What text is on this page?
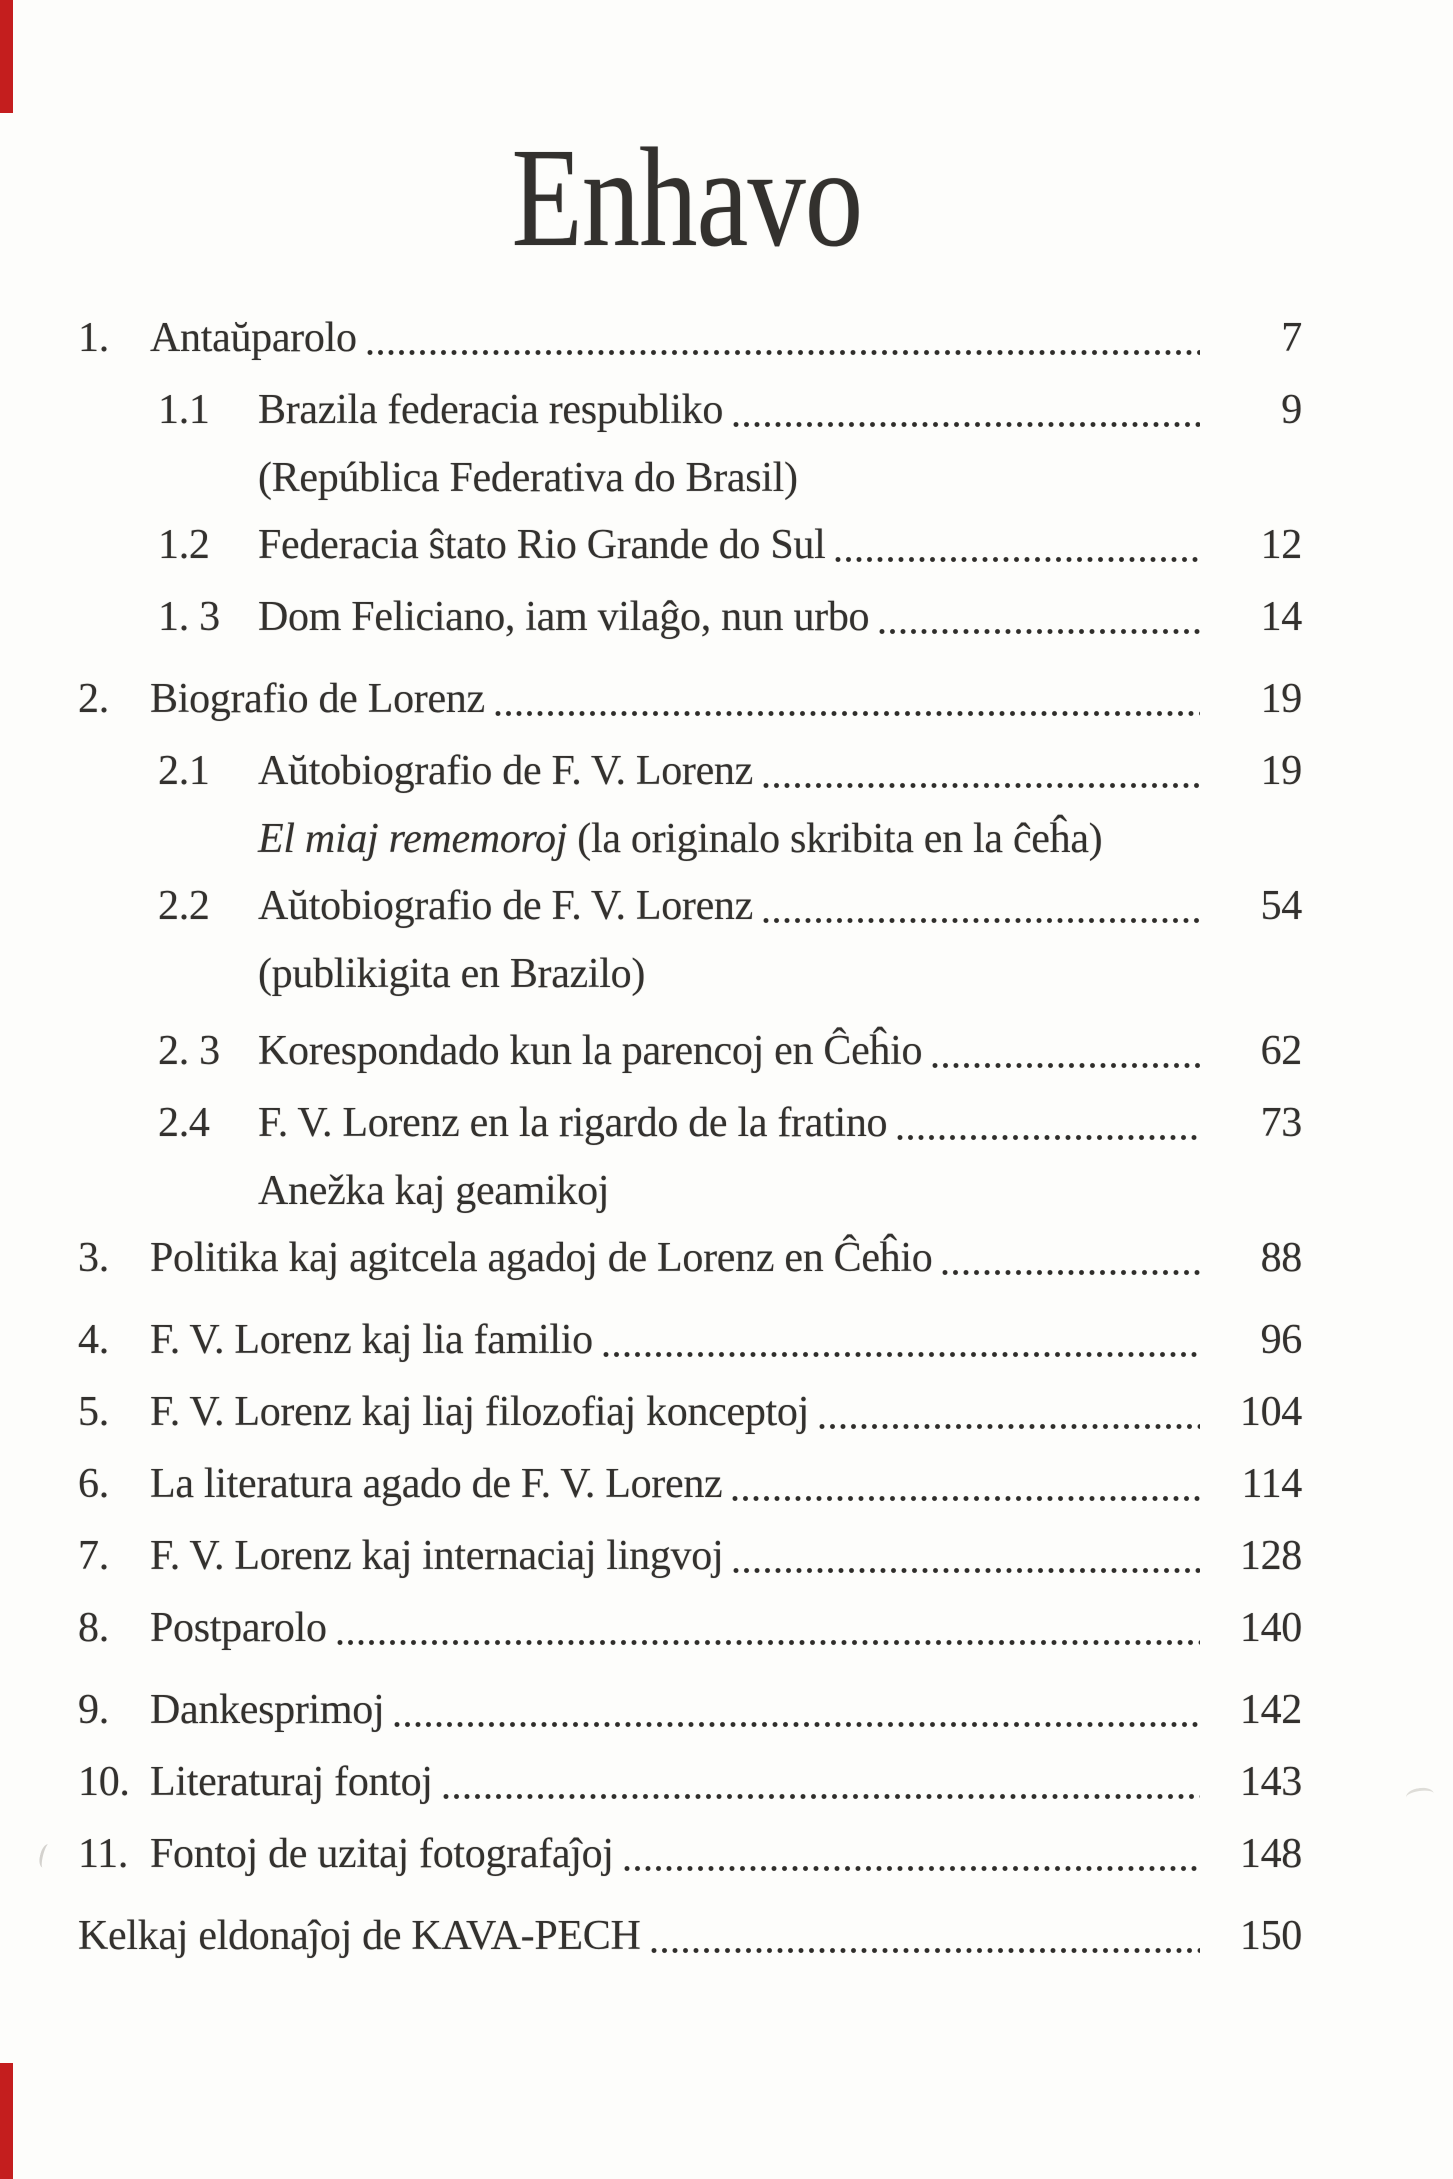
Enhavo
1. Antaŭparolo	7
1.1	Brazila federacia respubliko	9
(República Federativa do Brasil)
1.2	Federacia ŝtato Rio Grande do Sul	12
1. 3 Dom Feliciano, iam vilaĝo, nun urbo	14
2. Biografio de Lorenz	19
2.1	Aŭtobiografio de F. V. Lorenz	19
El miaj rememoroj (la originalo skribita en la ĉeĥa)
2.2	Aŭtobiografio de F. V. Lorenz	54
(publikigita en Brazilo)
2. 3 Korespondado kun la parencoj en Ĉeĥio	62
2.4	F. V. Lorenz en la rigardo de la fratino	73
Anežka kaj geamikoj
3. Politika kaj agitcela agadoj de Lorenz en Ĉeĥio	88
4. F. V. Lorenz kaj lia familio	96
5. F. V. Lorenz kaj liaj filozofiaj konceptoj	104
6. La literatura agado de F. V. Lorenz	114
7. F. V. Lorenz kaj internaciaj lingvoj	128
8. Postparolo	140
9. Dankesprimoj	142
10. Literaturaj fontoj	143
11. Fontoj de uzitaj fotografaĵoj	148
Kelkaj eldonaĵoj de KAVA-PECH	150
